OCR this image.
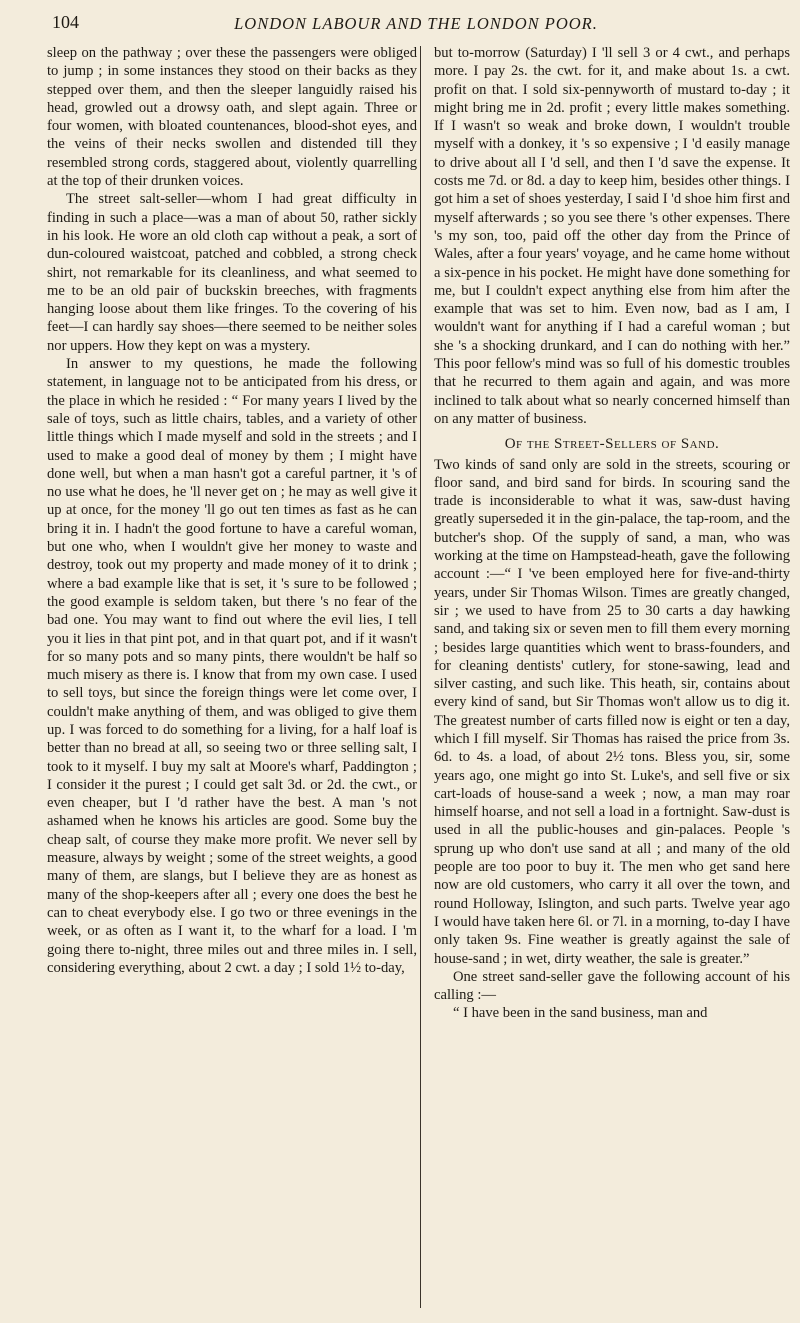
104	LONDON LABOUR AND THE LONDON POOR.

sleep on the pathway ; over these the passengers were obliged to jump ; in some instances they stood on their backs as they stepped over them, and then the sleeper languidly raised his head, growled out a drowsy oath, and slept again. Three or four women, with bloated countenances, blood-shot eyes, and the veins of their necks swollen and distended till they resembled strong cords, staggered about, violently quarrelling at the top of their drunken voices.

The street salt-seller—whom I had great difficulty in finding in such a place—was a man of about 50, rather sickly in his look. He wore an old cloth cap without a peak, a sort of dun-coloured waistcoat, patched and cobbled, a strong check shirt, not remarkable for its cleanliness, and what seemed to me to be an old pair of buckskin breeches, with fragments hanging loose about them like fringes. To the covering of his feet—I can hardly say shoes—there seemed to be neither soles nor uppers. How they kept on was a mystery.

In answer to my questions, he made the following statement, in language not to be anticipated from his dress, or the place in which he resided : “ For many years I lived by the sale of toys, such as little chairs, tables, and a variety of other little things which I made myself and sold in the streets ; and I used to make a good deal of money by them ; I might have done well, but when a man hasn't got a careful partner, it 's of no use what he does, he 'll never get on ; he may as well give it up at once, for the money 'll go out ten times as fast as he can bring it in. I hadn't the good fortune to have a careful woman, but one who, when I wouldn't give her money to waste and destroy, took out my property and made money of it to drink ; where a bad example like that is set, it 's sure to be followed ; the good example is seldom taken, but there 's no fear of the bad one. You may want to find out where the evil lies, I tell you it lies in that pint pot, and in that quart pot, and if it wasn't for so many pots and so many pints, there wouldn't be half so much misery as there is. I know that from my own case. I used to sell toys, but since the foreign things were let come over, I couldn't make anything of them, and was obliged to give them up. I was forced to do something for a living, for a half loaf is better than no bread at all, so seeing two or three selling salt, I took to it myself. I buy my salt at Moore's wharf, Paddington ; I consider it the purest ; I could get salt 3d. or 2d. the cwt., or even cheaper, but I 'd rather have the best. A man 's not ashamed when he knows his articles are good. Some buy the cheap salt, of course they make more profit. We never sell by measure, always by weight ; some of the street weights, a good many of them, are slangs, but I believe they are as honest as many of the shop-keepers after all ; every one does the best he can to cheat everybody else. I go two or three evenings in the week, or as often as I want it, to the wharf for a load. I 'm going there to-night, three miles out and three miles in. I sell, considering everything, about 2 cwt. a day ; I sold 1½ to-day,

but to-morrow (Saturday) I 'll sell 3 or 4 cwt., and perhaps more. I pay 2s. the cwt. for it, and make about 1s. a cwt. profit on that. I sold six-pennyworth of mustard to-day ; it might bring me in 2d. profit ; every little makes something. If I wasn't so weak and broke down, I wouldn't trouble myself with a donkey, it 's so expensive ; I 'd easily manage to drive about all I 'd sell, and then I 'd save the expense. It costs me 7d. or 8d. a day to keep him, besides other things. I got him a set of shoes yesterday, I said I 'd shoe him first and myself afterwards ; so you see there 's other expenses. There 's my son, too, paid off the other day from the Prince of Wales, after a four years' voyage, and he came home without a six-pence in his pocket. He might have done something for me, but I couldn't expect anything else from him after the example that was set to him. Even now, bad as I am, I wouldn't want for anything if I had a careful woman ; but she 's a shocking drunkard, and I can do nothing with her.” This poor fellow's mind was so full of his domestic troubles that he recurred to them again and again, and was more inclined to talk about what so nearly concerned himself than on any matter of business.

Of the Street-Sellers of Sand.

Two kinds of sand only are sold in the streets, scouring or floor sand, and bird sand for birds. In scouring sand the trade is inconsiderable to what it was, saw-dust having greatly superseded it in the gin-palace, the tap-room, and the butcher's shop. Of the supply of sand, a man, who was working at the time on Hampstead-heath, gave the following account :—“ I 've been employed here for five-and-thirty years, under Sir Thomas Wilson. Times are greatly changed, sir ; we used to have from 25 to 30 carts a day hawking sand, and taking six or seven men to fill them every morning ; besides large quantities which went to brass-founders, and for cleaning dentists' cutlery, for stone-sawing, lead and silver casting, and such like. This heath, sir, contains about every kind of sand, but Sir Thomas won't allow us to dig it. The greatest number of carts filled now is eight or ten a day, which I fill myself. Sir Thomas has raised the price from 3s. 6d. to 4s. a load, of about 2½ tons. Bless you, sir, some years ago, one might go into St. Luke's, and sell five or six cart-loads of house-sand a week ; now, a man may roar himself hoarse, and not sell a load in a fortnight. Saw-dust is used in all the public-houses and gin-palaces. People 's sprung up who don't use sand at all ; and many of the old people are too poor to buy it. The men who get sand here now are old customers, who carry it all over the town, and round Holloway, Islington, and such parts. Twelve year ago I would have taken here 6l. or 7l. in a morning, to-day I have only taken 9s. Fine weather is greatly against the sale of house-sand ; in wet, dirty weather, the sale is greater.”

One street sand-seller gave the following account of his calling :—

“ I have been in the sand business, man and
